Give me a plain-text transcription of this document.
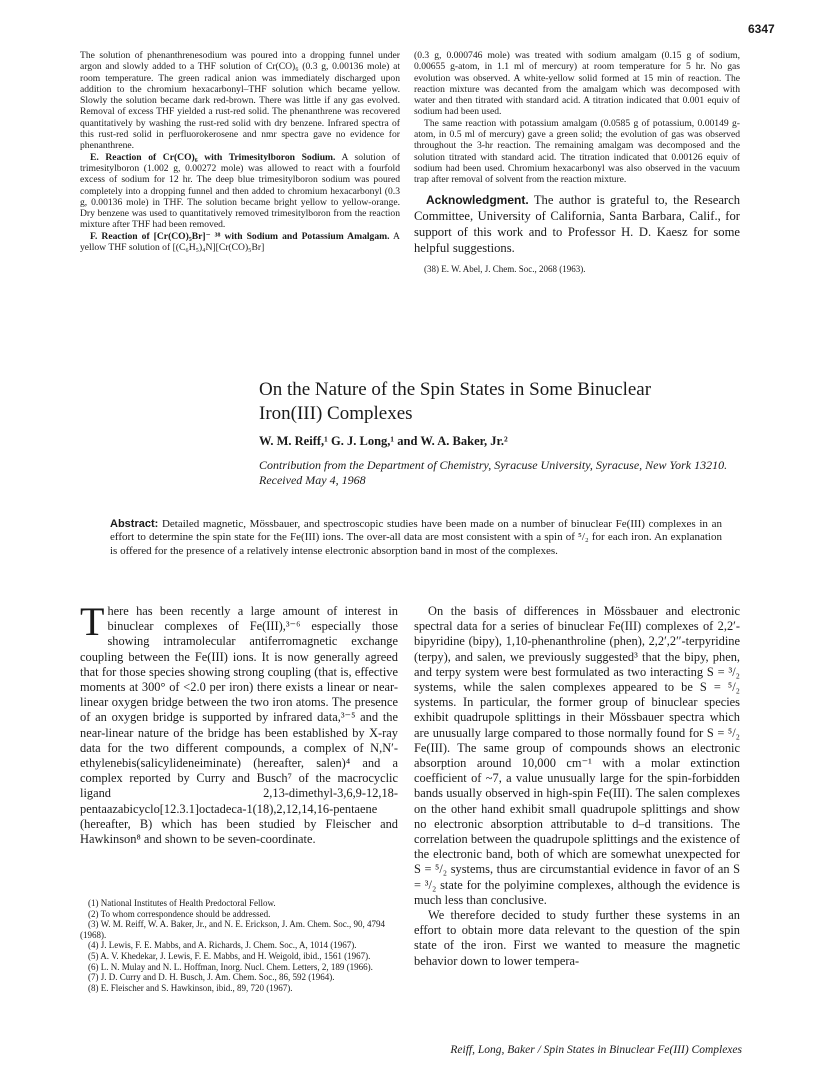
6347

The solution of phenanthrenesodium was poured into a dropping funnel under argon and slowly added to a THF solution of Cr(CO)₆ (0.3 g, 0.00136 mole) at room temperature. The green radical anion was immediately discharged upon addition to the chromium hexacarbonyl–THF solution which became yellow. Slowly the solution became dark red-brown. There was little if any gas evolved. Removal of excess THF yielded a rust-red solid. The phenanthrene was recovered quantitatively by washing the rust-red solid with dry benzene. Infrared spectra of this rust-red solid in perfluorokerosene and nmr spectra gave no evidence for phenanthrene.

E. Reaction of Cr(CO)₆ with Trimesitylboron Sodium. A solution of trimesitylboron (1.002 g, 0.00272 mole) was allowed to react with a fourfold excess of sodium for 12 hr. The deep blue trimesitylboron sodium was poured completely into a dropping funnel and then added to chromium hexacarbonyl (0.3 g, 0.00136 mole) in THF. The solution became bright yellow to yellow-orange. Dry benzene was used to quantitatively removed trimesitylboron from the reaction mixture after THF had been removed.

F. Reaction of [Cr(CO)₅Br]⁻ ³⁸ with Sodium and Potassium Amalgam. A yellow THF solution of [(C₆H₅)₄N][Cr(CO)₅Br]

(0.3 g, 0.000746 mole) was treated with sodium amalgam (0.15 g of sodium, 0.00655 g-atom, in 1.1 ml of mercury) at room temperature for 5 hr. No gas evolution was observed. A white-yellow solid formed at 15 min of reaction. The reaction mixture was decanted from the amalgam which was decomposed with water and then titrated with standard acid. A titration indicated that 0.001 equiv of sodium had been used.

The same reaction with potassium amalgam (0.0585 g of potassium, 0.00149 g-atom, in 0.5 ml of mercury) gave a green solid; the evolution of gas was observed throughout the 3-hr reaction. The remaining amalgam was decomposed and the solution titrated with standard acid. The titration indicated that 0.00126 equiv of sodium had been used. Chromium hexacarbonyl was also observed in the vacuum trap after removal of solvent from the reaction mixture.

Acknowledgment. The author is grateful to, the Research Committee, University of California, Santa Barbara, Calif., for support of this work and to Professor H. D. Kaesz for some helpful suggestions.

(38) E. W. Abel, J. Chem. Soc., 2068 (1963).

On the Nature of the Spin States in Some Binuclear Iron(III) Complexes
W. M. Reiff,¹ G. J. Long,¹ and W. A. Baker, Jr.²
Contribution from the Department of Chemistry, Syracuse University, Syracuse, New York 13210. Received May 4, 1968
Abstract: Detailed magnetic, Mössbauer, and spectroscopic studies have been made on a number of binuclear Fe(III) complexes in an effort to determine the spin state for the Fe(III) ions. The over-all data are most consistent with a spin of ⁵/₂ for each iron. An explanation is offered for the presence of a relatively intense electronic absorption band in most of the complexes.

There has been recently a large amount of interest in binuclear complexes of Fe(III),³⁻⁶ especially those showing intramolecular antiferromagnetic exchange coupling between the Fe(III) ions. It is now generally agreed that for those species showing strong coupling (that is, effective moments at 300° of <2.0 per iron) there exists a linear or near-linear oxygen bridge between the two iron atoms. The presence of an oxygen bridge is supported by infrared data,³⁻⁵ and the near-linear nature of the bridge has been established by X-ray data for the two different compounds, a complex of N,N′-ethylenebis(salicylideneiminate) (hereafter, salen)⁴ and a complex reported by Curry and Busch⁷ of the macrocyclic ligand 2,13-dimethyl-3,6,9-12,18-pentaazabicyclo[12.3.1]octadeca-1(18),2,12,14,16-pentaene (hereafter, B) which has been studied by Fleischer and Hawkinson⁸ and shown to be seven-coordinate.

(1) National Institutes of Health Predoctoral Fellow.

(2) To whom correspondence should be addressed.

(3) W. M. Reiff, W. A. Baker, Jr., and N. E. Erickson, J. Am. Chem. Soc., 90, 4794 (1968).

(4) J. Lewis, F. E. Mabbs, and A. Richards, J. Chem. Soc., A, 1014 (1967).

(5) A. V. Khedekar, J. Lewis, F. E. Mabbs, and H. Weigold, ibid., 1561 (1967).

(6) L. N. Mulay and N. L. Hoffman, Inorg. Nucl. Chem. Letters, 2, 189 (1966).

(7) J. D. Curry and D. H. Busch, J. Am. Chem. Soc., 86, 592 (1964).

(8) E. Fleischer and S. Hawkinson, ibid., 89, 720 (1967).

On the basis of differences in Mössbauer and electronic spectral data for a series of binuclear Fe(III) complexes of 2,2′-bipyridine (bipy), 1,10-phenanthroline (phen), 2,2′,2′′-terpyridine (terpy), and salen, we previously suggested³ that the bipy, phen, and terpy system were best formulated as two interacting S = ³/₂ systems, while the salen complexes appeared to be S = ⁵/₂ systems. In particular, the former group of binuclear species exhibit quadrupole splittings in their Mössbauer spectra which are unusually large compared to those normally found for S = ⁵/₂ Fe(III). The same group of compounds shows an electronic absorption around 10,000 cm⁻¹ with a molar extinction coefficient of ~7, a value unusually large for the spin-forbidden bands usually observed in high-spin Fe(III). The salen complexes on the other hand exhibit small quadrupole splittings and show no electronic absorption attributable to d–d transitions. The correlation between the quadrupole splittings and the existence of the electronic band, both of which are somewhat unexpected for S = ⁵/₂ systems, thus are circumstantial evidence in favor of an S = ³/₂ state for the polyimine complexes, although the evidence is much less than conclusive.

We therefore decided to study further these systems in an effort to obtain more data relevant to the question of the spin state of the iron. First we wanted to measure the magnetic behavior down to lower tempera-

Reiff, Long, Baker / Spin States in Binuclear Fe(III) Complexes
